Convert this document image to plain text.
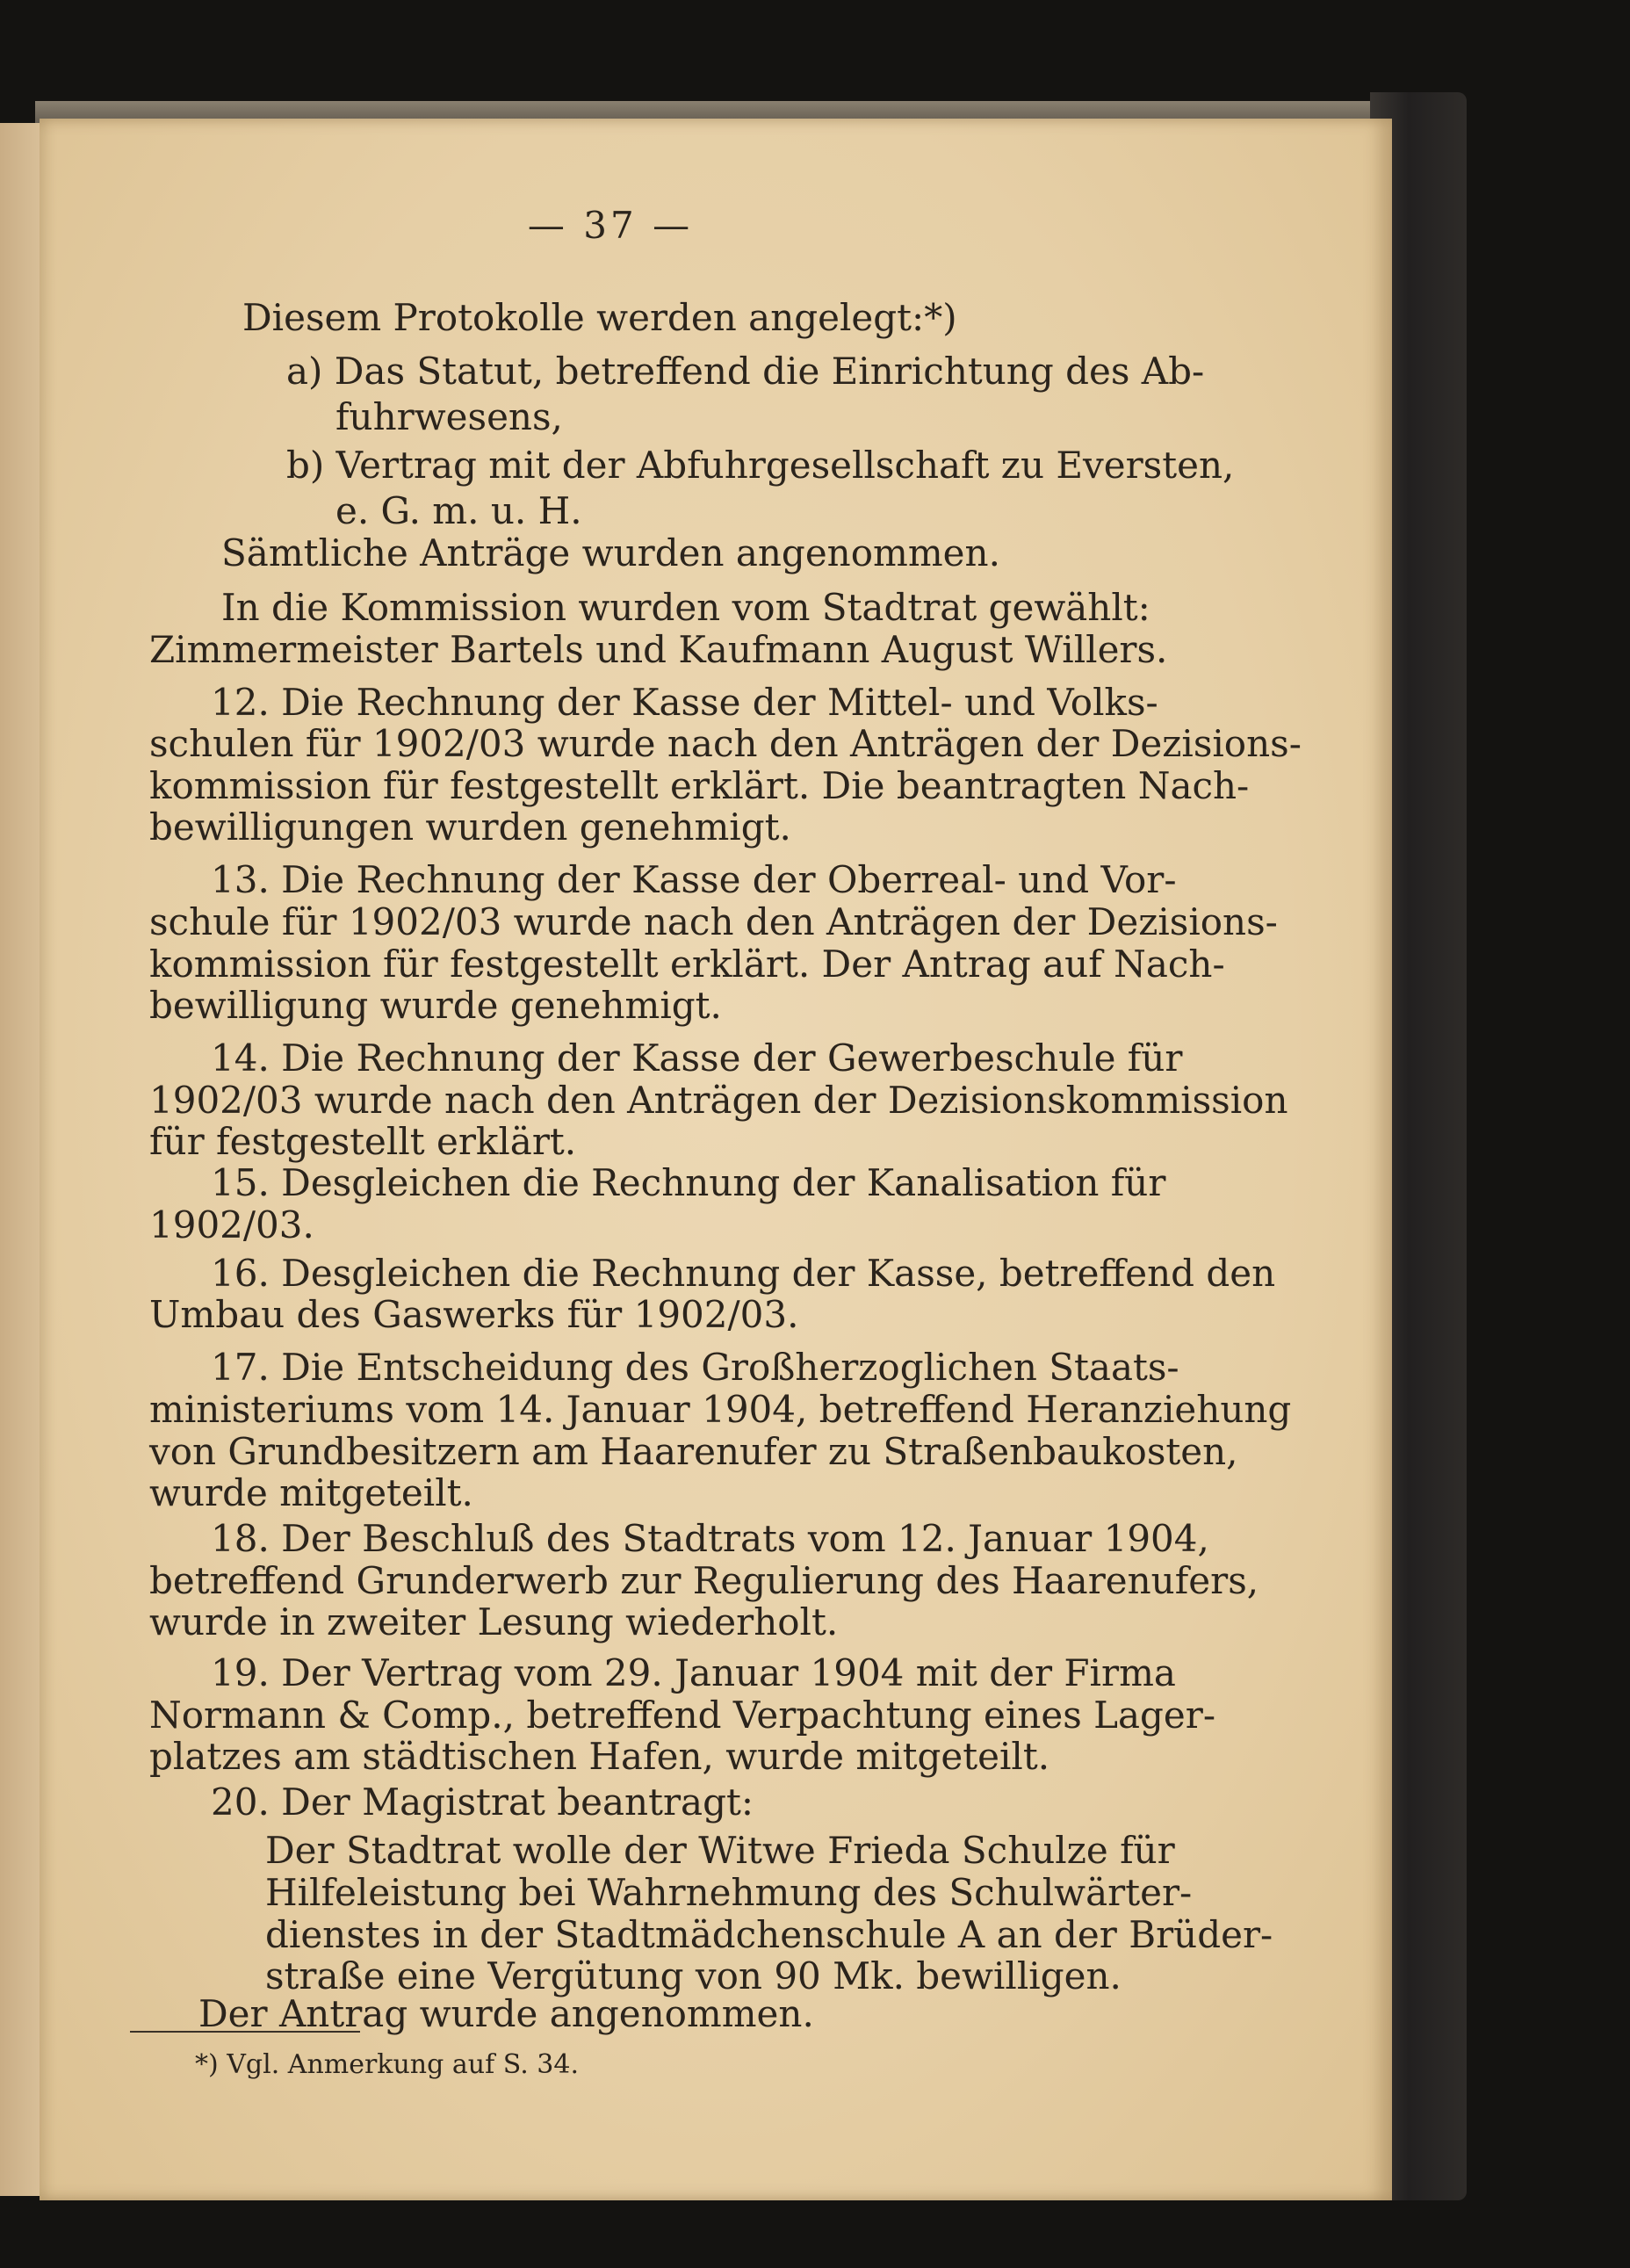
— 37 —
Diesem Protokolle werden angelegt:*)
a) Das Statut, betreffend die Einrichtung des Ab-
fuhrwesens,
b) Vertrag mit der Abfuhrgesellschaft zu Eversten,
e. G. m. u. H.
Sämtliche Anträge wurden angenommen.
In die Kommission wurden vom Stadtrat gewählt:
Zimmermeister Bartels und Kaufmann August Willers.
12. Die Rechnung der Kasse der Mittel- und Volks-
schulen für 1902/03 wurde nach den Anträgen der Dezisions-
kommission für festgestellt erklärt. Die beantragten Nach-
bewilligungen wurden genehmigt.
13. Die Rechnung der Kasse der Oberreal- und Vor-
schule für 1902/03 wurde nach den Anträgen der Dezisions-
kommission für festgestellt erklärt. Der Antrag auf Nach-
bewilligung wurde genehmigt.
14. Die Rechnung der Kasse der Gewerbeschule für
1902/03 wurde nach den Anträgen der Dezisionskommission
für festgestellt erklärt.
15. Desgleichen die Rechnung der Kanalisation für
1902/03.
16. Desgleichen die Rechnung der Kasse, betreffend den
Umbau des Gaswerks für 1902/03.
17. Die Entscheidung des Großherzoglichen Staats-
ministeriums vom 14. Januar 1904, betreffend Heranziehung
von Grundbesitzern am Haarenufer zu Straßenbaukosten,
wurde mitgeteilt.
18. Der Beschluß des Stadtrats vom 12. Januar 1904,
betreffend Grunderwerb zur Regulierung des Haarenufers,
wurde in zweiter Lesung wiederholt.
19. Der Vertrag vom 29. Januar 1904 mit der Firma
Normann & Comp., betreffend Verpachtung eines Lager-
platzes am städtischen Hafen, wurde mitgeteilt.
20. Der Magistrat beantragt:
Der Stadtrat wolle der Witwe Frieda Schulze für
Hilfeleistung bei Wahrnehmung des Schulwärter-
dienstes in der Stadtmädchenschule A an der Brüder-
straße eine Vergütung von 90 Mk. bewilligen.
Der Antrag wurde angenommen.
*) Vgl. Anmerkung auf S. 34.
